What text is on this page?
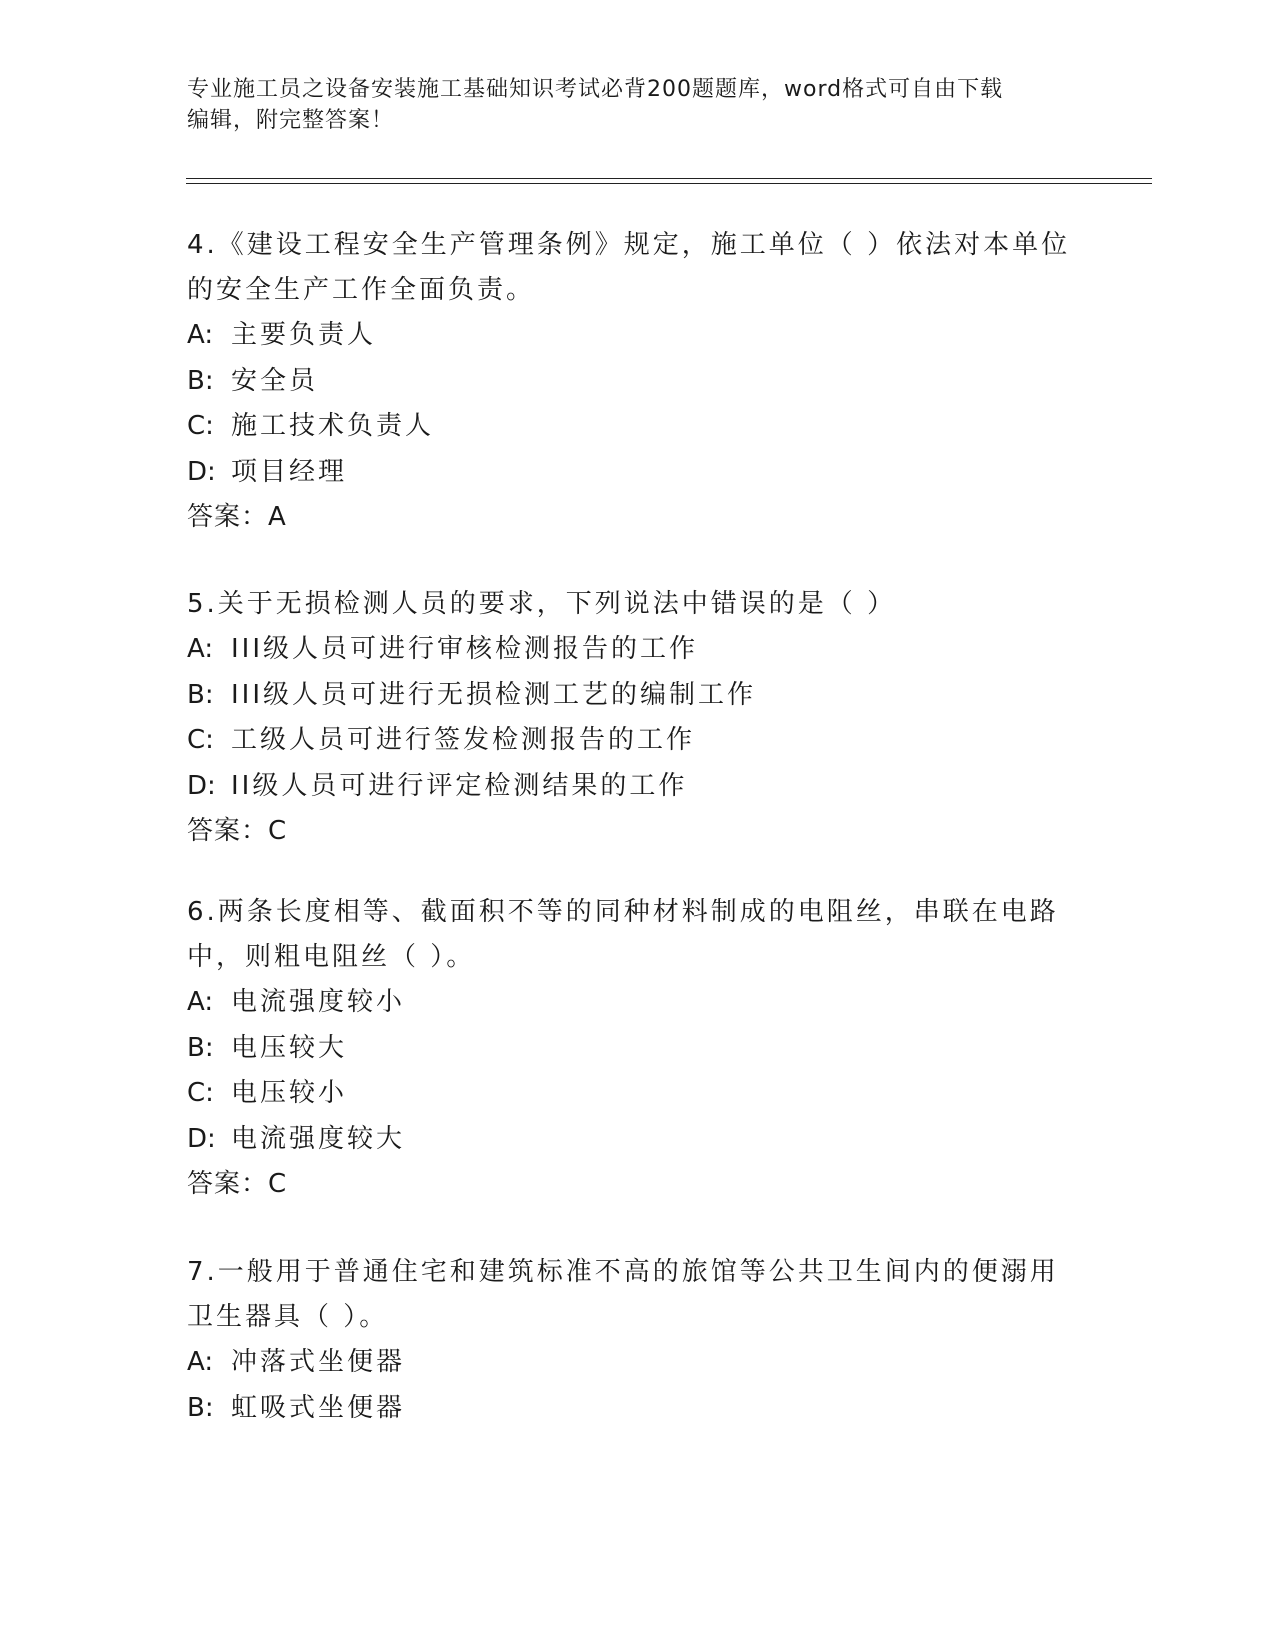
专业施工员之设备安装施工基础知识考试必背200题题库，word格式可自由下载
编辑，附完整答案！
4.《建设工程安全生产管理条例》规定，施工单位（ ）依法对本单位
的安全生产工作全面负责。
A: 主要负责人
B: 安全员
C: 施工技术负责人
D: 项目经理
答案：A
5.关于无损检测人员的要求，下列说法中错误的是（ ）
A: III级人员可进行审核检测报告的工作
B: III级人员可进行无损检测工艺的编制工作
C: 工级人员可进行签发检测报告的工作
D: II级人员可进行评定检测结果的工作
答案：C
6.两条长度相等、截面积不等的同种材料制成的电阻丝，串联在电路
中，则粗电阻丝（ ）。
A: 电流强度较小
B: 电压较大
C: 电压较小
D: 电流强度较大
答案：C
7.一般用于普通住宅和建筑标准不高的旅馆等公共卫生间内的便溺用
卫生器具（ ）。
A: 冲落式坐便器
B: 虹吸式坐便器
